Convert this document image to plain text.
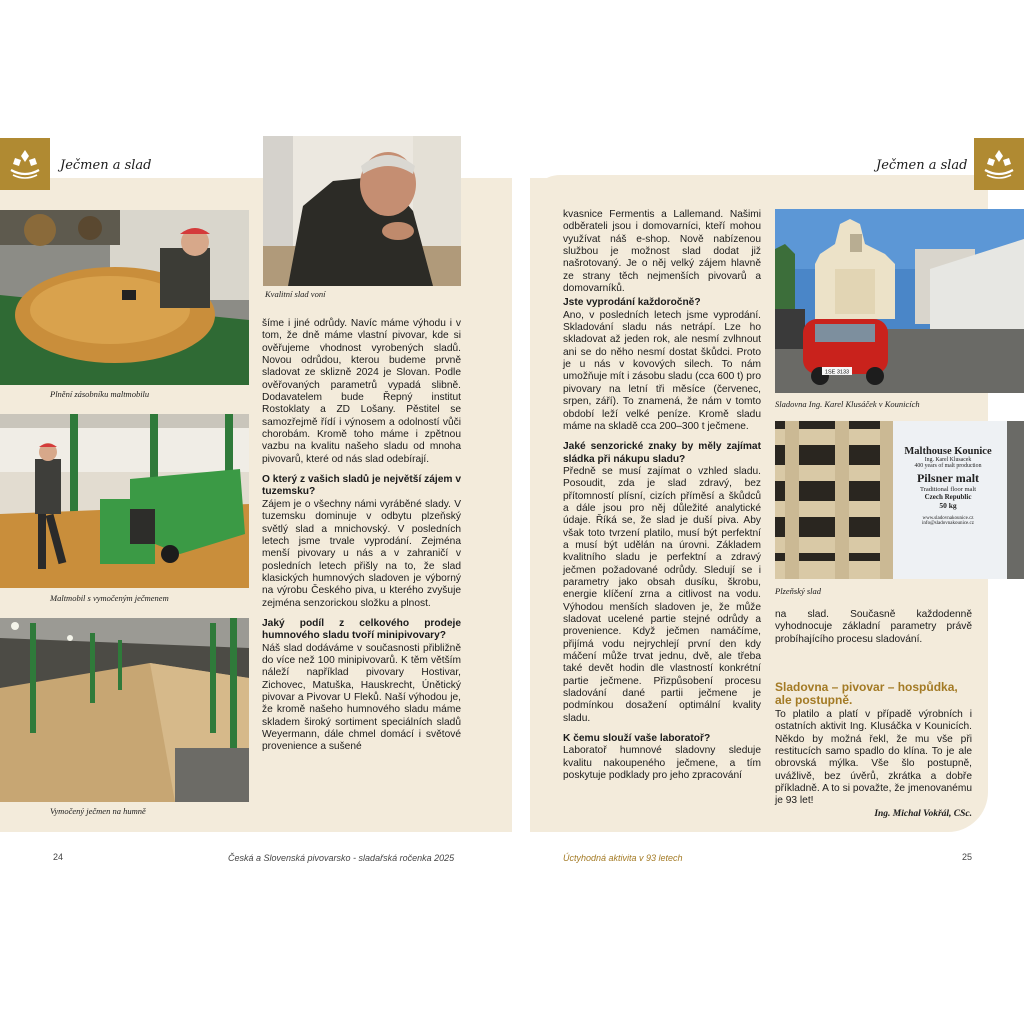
Ječmen a slad
Plnění zásobníku maltmobilu
Maltmobil s vymočeným ječmenem
Vymočený ječmen na humně
Kvalitní slad voní

šíme i jiné odrůdy. Navíc máme výhodu i v tom, že dně máme vlastní pivovar, kde si ověřujeme vhodnost vyrobených sladů. Novou odrůdou, kterou budeme prvně sladovat ze sklizně 2024 je Slovan. Podle ověřovaných parametrů vypadá slibně. Dodavatelem bude Řepný institut Rostoklaty a ZD Lošany. Pěstitel se samozřejmě řídí i výnosem a odolností vůči chorobám. Kromě toho máme i zpětnou vazbu na kvalitu našeho sladu od mnoha pivovarů, které od nás slad odebírají.

O který z vašich sladů je největší zájem v tuzemsku?

Zájem je o všechny námi vyráběné slady. V tuzemsku dominuje v odbytu plzeňský světlý slad a mnichovský. V posledních letech jsme trvale vyprodání. Zejména menší pivovary u nás a v zahraničí v posledních letech přišly na to, že slad klasických humnových sladoven je výborný na výrobu Českého piva, u kterého zvyšuje zejména senzorickou složku a plnost.

Jaký podíl z celkového prodeje humnového sladu tvoří minipivovary?

Náš slad dodáváme v současnosti přibližně do více než 100 minipivovarů. K těm větším náleží například pivovary Hostivar, Zichovec, Matuška, Hauskrecht, Únětický pivovar a Pivovar U Fleků. Naší výhodou je, že kromě našeho humnového sladu máme skladem široký sortiment speciálních sladů Weyermann, dále chmel domácí i světové provenience a sušené

Ječmen a slad

kvasnice Fermentis a Lallemand. Našimi odběrateli jsou i domovarníci, kteří mohou využívat náš e-shop. Nově nabízenou službou je možnost slad dodat již našrotovaný. Je o něj velký zájem hlavně ze strany těch nejmenších pivovarů a domovarníků.

Jste vyprodání každoročně?

Ano, v posledních letech jsme vyprodání. Skladování sladu nás netrápí. Lze ho skladovat až jeden rok, ale nesmí zvlhnout ani se do něho nesmí dostat škůdci. Proto je u nás v kovových silech. To nám umožňuje mít i zásobu sladu (cca 600 t) pro pivovary na letní tři měsíce (červenec, srpen, září). To znamená, že nám v tomto období leží velké peníze. Kromě sladu máme na skladě cca 200–300 t ječmene.

Jaké senzorické znaky by měly zajímat sládka při nákupu sladu?

Předně se musí zajímat o vzhled sladu. Posoudit, zda je slad zdravý, bez přítomností plísní, cizích příměsí a škůdců a dále jsou pro něj důležité analytické údaje. Říká se, že slad je duší piva. Aby však toto tvrzení platilo, musí být perfektní a musí být udělán na úrovni. Základem kvalitního sladu je perfektní a zdravý ječmen požadované odrůdy. Sledují se i parametry jako obsah dusíku, škrobu, energie klíčení zrna a citlivost na vodu. Výhodou menších sladoven je, že může sladovat ucelené partie stejné odrůdy a provenience. Když ječmen namáčíme, přijímá vodu nejrychlejí první den kdy máčení může trvat jednu, dvě, ale třeba také devět hodin dle vlastností konkrétní partie ječmene. Přizpůsobení procesu sladování dané partii ječmene je podmínkou dosažení optimální kvality sladu.

K čemu slouží vaše laboratoř?

Laboratoř humnové sladovny sleduje kvalitu nakoupeného ječmene, a tím poskytuje podklady pro jeho zpracování

1SE 3133
Sladovna Ing. Karel Klusáček v Kounicích
Malthouse Kounice
Ing. Karel Klusacek
400 years of malt production
Pilsner malt
Traditional floor malt
Czech Republic
50 kg
www.sladovnakounice.cz
info@sladovnakounice.cz
Plzeňský slad

na slad. Současně každodenně vyhodnocuje základní parametry právě probíhajícího procesu sladování.

Sladovna – pivovar – hospůdka, ale postupně.
To platilo a platí v případě výrobních i ostatních aktivit Ing. Klusáčka v Kounicích. Někdo by možná řekl, že mu vše při restitucích samo spadlo do klína. To je ale obrovská mýlka. Vše šlo postupně, uvážlivě, bez úvěrů, zkrátka a dobře příkladně. A to si považte, že jmenovanému je 93 let!
Ing. Michal Vokřál, CSc.
24	Česká a Slovenská pivovarsko - sladařská ročenka 2025	Úctyhodná aktivita v 93 letech	25
